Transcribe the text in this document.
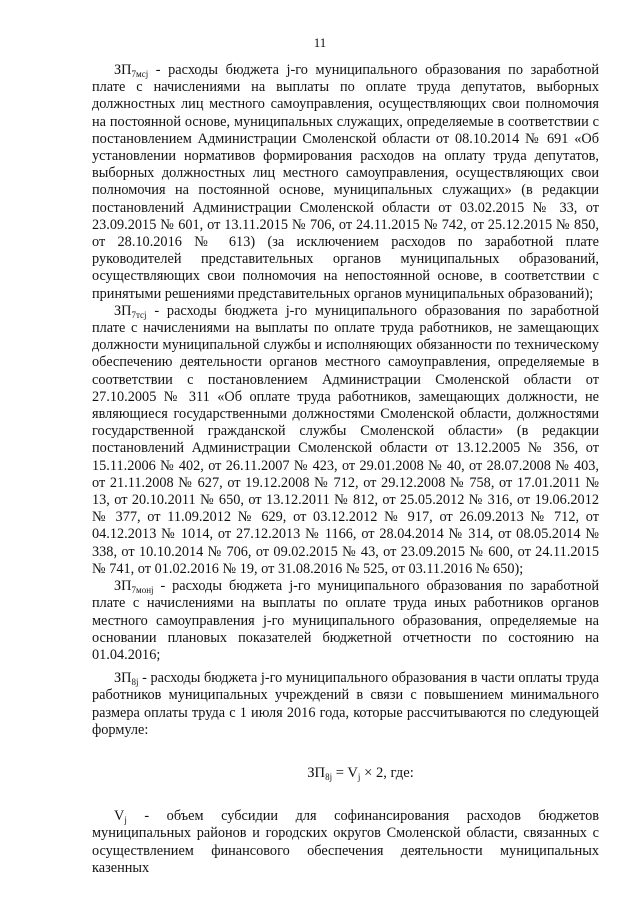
11

$ЗП_{7мсj}$ - расходы бюджета j-го муниципального образования по заработной плате с начислениями на выплаты по оплате труда депутатов, выборных должностных лиц местного самоуправления, осуществляющих свои полномочия на постоянной основе, муниципальных служащих, определяемые в соответствии с постановлением Администрации Смоленской области от 08.10.2014 № 691 «Об установлении нормативов формирования расходов на оплату труда депутатов, выборных должностных лиц местного самоуправления, осуществляющих свои полномочия на постоянной основе, муниципальных служащих» (в редакции постановлений Администрации Смоленской области от 03.02.2015 № 33, от 23.09.2015 № 601, от 13.11.2015 № 706, от 24.11.2015 № 742, от 25.12.2015 № 850, от 28.10.2016 № 613) (за исключением расходов по заработной плате руководителей представительных органов муниципальных образований, осуществляющих свои полномочия на непостоянной основе, в соответствии с принятыми решениями представительных органов муниципальных образований);

$ЗП_{7тсj}$ - расходы бюджета j-го муниципального образования по заработной плате с начислениями на выплаты по оплате труда работников, не замещающих должности муниципальной службы и исполняющих обязанности по техническому обеспечению деятельности органов местного самоуправления, определяемые в соответствии с постановлением Администрации Смоленской области от 27.10.2005 № 311 «Об оплате труда работников, замещающих должности, не являющиеся государственными должностями Смоленской области, должностями государственной гражданской службы Смоленской области» (в редакции постановлений Администрации Смоленской области от 13.12.2005 № 356, от 15.11.2006 № 402, от 26.11.2007 № 423, от 29.01.2008 № 40, от 28.07.2008 № 403, от 21.11.2008 № 627, от 19.12.2008 № 712, от 29.12.2008 № 758, от 17.01.2011 № 13, от 20.10.2011 № 650, от 13.12.2011 № 812, от 25.05.2012 № 316, от 19.06.2012 № 377, от 11.09.2012 № 629, от 03.12.2012 № 917, от 26.09.2013 № 712, от 04.12.2013 № 1014, от 27.12.2013 № 1166, от 28.04.2014 № 314, от 08.05.2014 № 338, от 10.10.2014 № 706, от 09.02.2015 № 43, от 23.09.2015 № 600, от 24.11.2015 № 741, от 01.02.2016 № 19, от 31.08.2016 № 525, от 03.11.2016 № 650);

$ЗП_{7монj}$ - расходы бюджета j-го муниципального образования по заработной плате с начислениями на выплаты по оплате труда иных работников органов местного самоуправления j-го муниципального образования, определяемые на основании плановых показателей бюджетной отчетности по состоянию на 01.04.2016;

$ЗП_{8j}$ - расходы бюджета j-го муниципального образования в части оплаты труда работников муниципальных учреждений в связи с повышением минимального размера оплаты труда с 1 июля 2016 года, которые рассчитываются по следующей формуле:

$ЗП_{8j} = V_j \times 2$, где:

$V_j$ - объем субсидии для софинансирования расходов бюджетов муниципальных районов и городских округов Смоленской области, связанных с осуществлением финансового обеспечения деятельности муниципальных казенных
